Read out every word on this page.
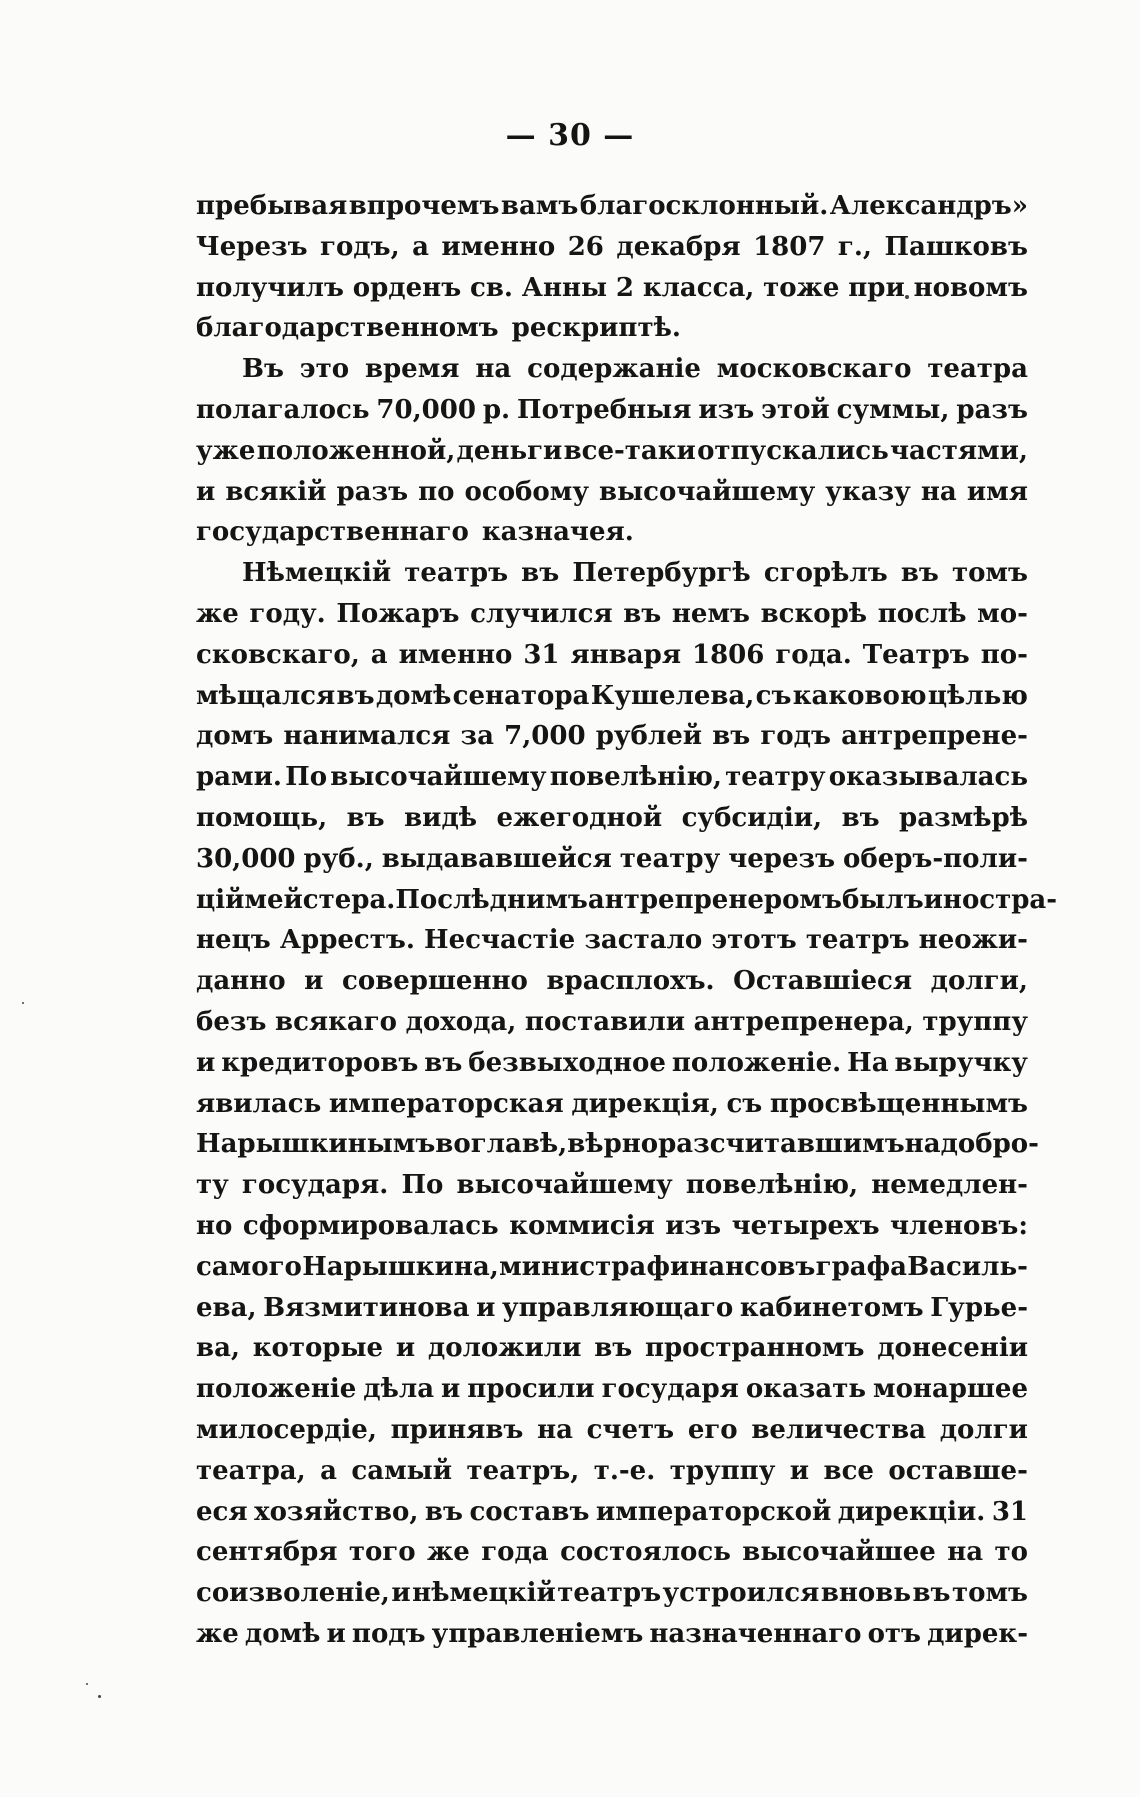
— 30 —
пребывая впрочемъ вамъ благосклонный. Александръ»
Черезъ годъ, а именно 26 декабря 1807 г., Пашковъ
получилъ орденъ св. Анны 2 класса, тоже при новомъ
благодарственномъ рескриптѣ.
Въ это время на содержаніе московскаго театра
полагалось 70,000 р. Потребныя изъ этой суммы, разъ
уже положенной, деньги все-таки отпускались частями,
и всякій разъ по особому высочайшему указу на имя
государственнаго казначея.
Нѣмецкій театръ въ Петербургѣ сгорѣлъ въ томъ
же году. Пожаръ случился въ немъ вскорѣ послѣ мо-
сковскаго, а именно 31 января 1806 года. Театръ по-
мѣщался въ домѣ сенатора Кушелева, съ каковою цѣлью
домъ нанимался за 7,000 рублей въ годъ антрепрене-
рами. По высочайшему повелѣнію, театру оказывалась
помощь, въ видѣ ежегодной субсидіи, въ размѣрѣ
30,000 руб., выдававшейся театру черезъ оберъ-поли-
ціймейстера. Послѣднимъ антрепренеромъ былъ иностра-
нецъ Аррестъ. Несчастіе застало этотъ театръ неожи-
данно и совершенно врасплохъ. Оставшіеся долги,
безъ всякаго дохода, поставили антрепренера, труппу
и кредиторовъ въ безвыходное положеніе. На выручку
явилась императорская дирекція, съ просвѣщеннымъ
Нарышкинымъ во главѣ, вѣрно разсчитавшимъ на добро-
ту государя. По высочайшему повелѣнію, немедлен-
но сформировалась коммисія изъ четырехъ членовъ:
самого Нарышкина, министра финансовъ графа Василь-
ева, Вязмитинова и управляющаго кабинетомъ Гурье-
ва, которые и доложили въ пространномъ донесеніи
положеніе дѣла и просили государя оказать монаршее
милосердіе, принявъ на счетъ его величества долги
театра, а самый театръ, т.-е. труппу и все оставше-
еся хозяйство, въ составъ императорской дирекціи. 31
сентября того же года состоялось высочайшее на то
соизволеніе, и нѣмецкій театръ устроился вновь въ томъ
же домѣ и подъ управленіемъ назначеннаго отъ дирек-
